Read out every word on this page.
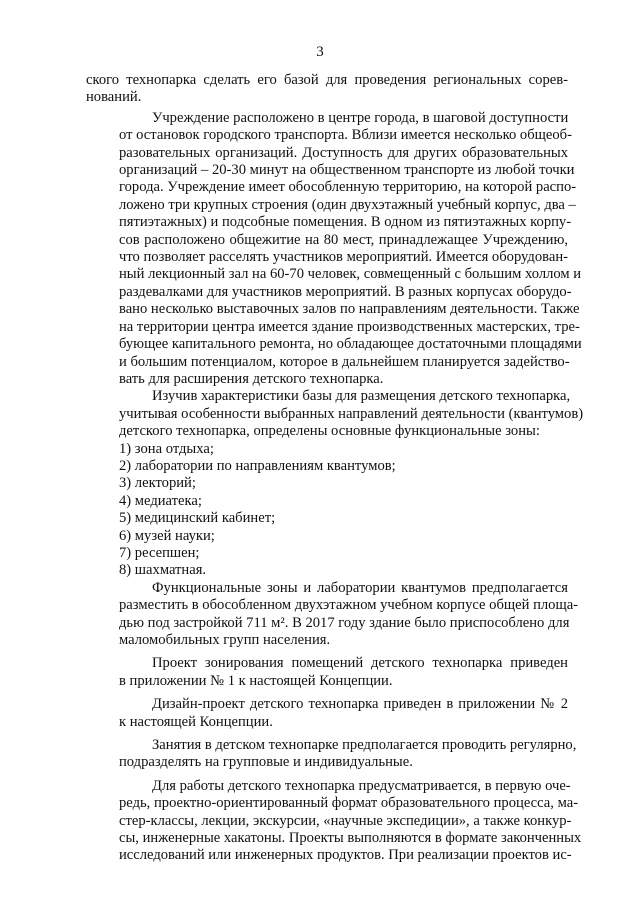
3

ского технопарка сделать его базой для проведения региональных сорев-
нований.

Учреждение расположено в центре города, в шаговой доступности
от остановок городского транспорта. Вблизи имеется несколько общеоб-
разовательных организаций. Доступность для других образовательных
организаций – 20-30 минут на общественном транспорте из любой точки
города. Учреждение имеет обособленную территорию, на которой распо-
ложено три крупных строения (один двухэтажный учебный корпус, два –
пятиэтажных) и подсобные помещения. В одном из пятиэтажных корпу-
сов расположено общежитие на 80 мест, принадлежащее Учреждению,
что позволяет расселять участников мероприятий. Имеется оборудован-
ный лекционный зал на 60-70 человек, совмещенный с большим холлом и
раздевалками для участников мероприятий. В разных корпусах оборудо-
вано несколько выставочных залов по направлениям деятельности. Также
на территории центра имеется здание производственных мастерских, тре-
бующее капитального ремонта, но обладающее достаточными площадями
и большим потенциалом, которое в дальнейшем планируется задейство-
вать для расширения детского технопарка.

Изучив характеристики базы для размещения детского технопарка,
учитывая особенности выбранных направлений деятельности (квантумов)
детского технопарка, определены основные функциональные зоны:

1) зона отдыха;
2) лаборатории по направлениям квантумов;
3) лекторий;
4) медиатека;
5) медицинский кабинет;
6) музей науки;
7) ресепшен;
8) шахматная.

Функциональные зоны и лаборатории квантумов предполагается
разместить в обособленном двухэтажном учебном корпусе общей площа-
дью под застройкой 711 м². В 2017 году здание было приспособлено для
маломобильных групп населения.

Проект зонирования помещений детского технопарка приведен
в приложении № 1 к настоящей Концепции.

Дизайн-проект детского технопарка приведен в приложении № 2
к настоящей Концепции.

Занятия в детском технопарке предполагается проводить регулярно,
подразделять на групповые и индивидуальные.

Для работы детского технопарка предусматривается, в первую оче-
редь, проектно-ориентированный формат образовательного процесса, ма-
стер-классы, лекции, экскурсии, «научные экспедиции», а также конкур-
сы, инженерные хакатоны. Проекты выполняются в формате законченных
исследований или инженерных продуктов. При реализации проектов ис-
